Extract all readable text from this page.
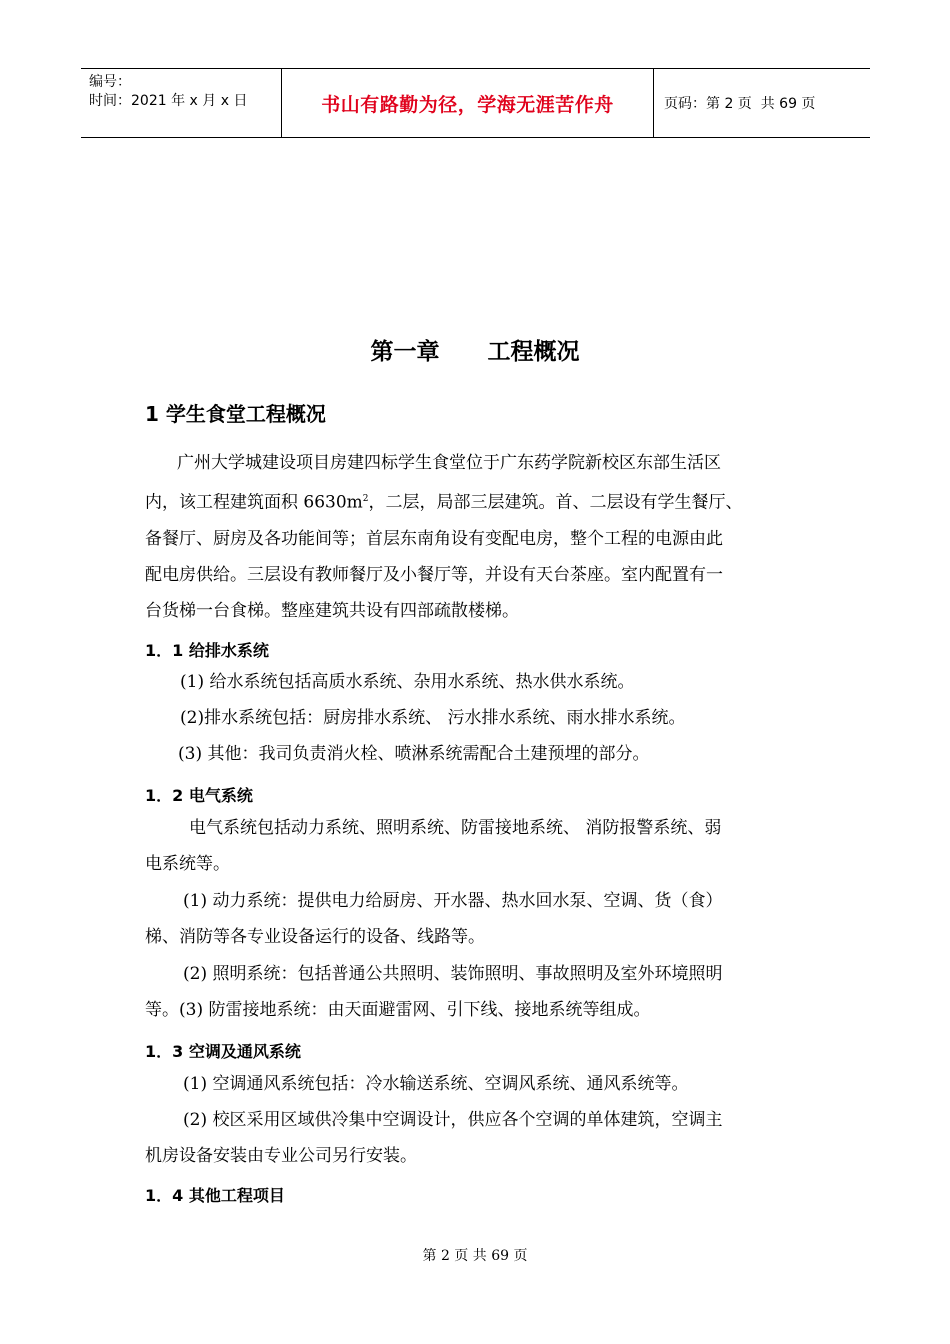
编号：
时间：2021 年 x 月 x 日	书山有路勤为径，学海无涯苦作舟	页码：第 2 页  共 69 页
第一章 工程概况
1 学生食堂工程概况
广州大学城建设项目房建四标学生食堂位于广东药学院新校区东部生活区
内，该工程建筑面积 $6630m^2$，二层，局部三层建筑。首、二层设有学生餐厅、
备餐厅、厨房及各功能间等；首层东南角设有变配电房，整个工程的电源由此
配电房供给。三层设有教师餐厅及小餐厅等，并设有天台茶座。室内配置有一
台货梯一台食梯。整座建筑共设有四部疏散楼梯。
1．1 给排水系统
(1) 给水系统包括高质水系统、杂用水系统、热水供水系统。
(2)排水系统包括：厨房排水系统、 污水排水系统、雨水排水系统。
(3) 其他：我司负责消火栓、喷淋系统需配合土建预埋的部分。
1．2 电气系统
电气系统包括动力系统、照明系统、防雷接地系统、 消防报警系统、弱
电系统等。
(1) 动力系统：提供电力给厨房、开水器、热水回水泵、空调、货（食）
梯、消防等各专业设备运行的设备、线路等。
(2) 照明系统：包括普通公共照明、装饰照明、事故照明及室外环境照明
等。(3) 防雷接地系统：由天面避雷网、引下线、接地系统等组成。
1．3 空调及通风系统
(1) 空调通风系统包括：冷水输送系统、空调风系统、通风系统等。
(2) 校区采用区域供冷集中空调设计，供应各个空调的单体建筑，空调主
机房设备安装由专业公司另行安装。
1．4 其他工程项目
第 2 页 共 69 页
